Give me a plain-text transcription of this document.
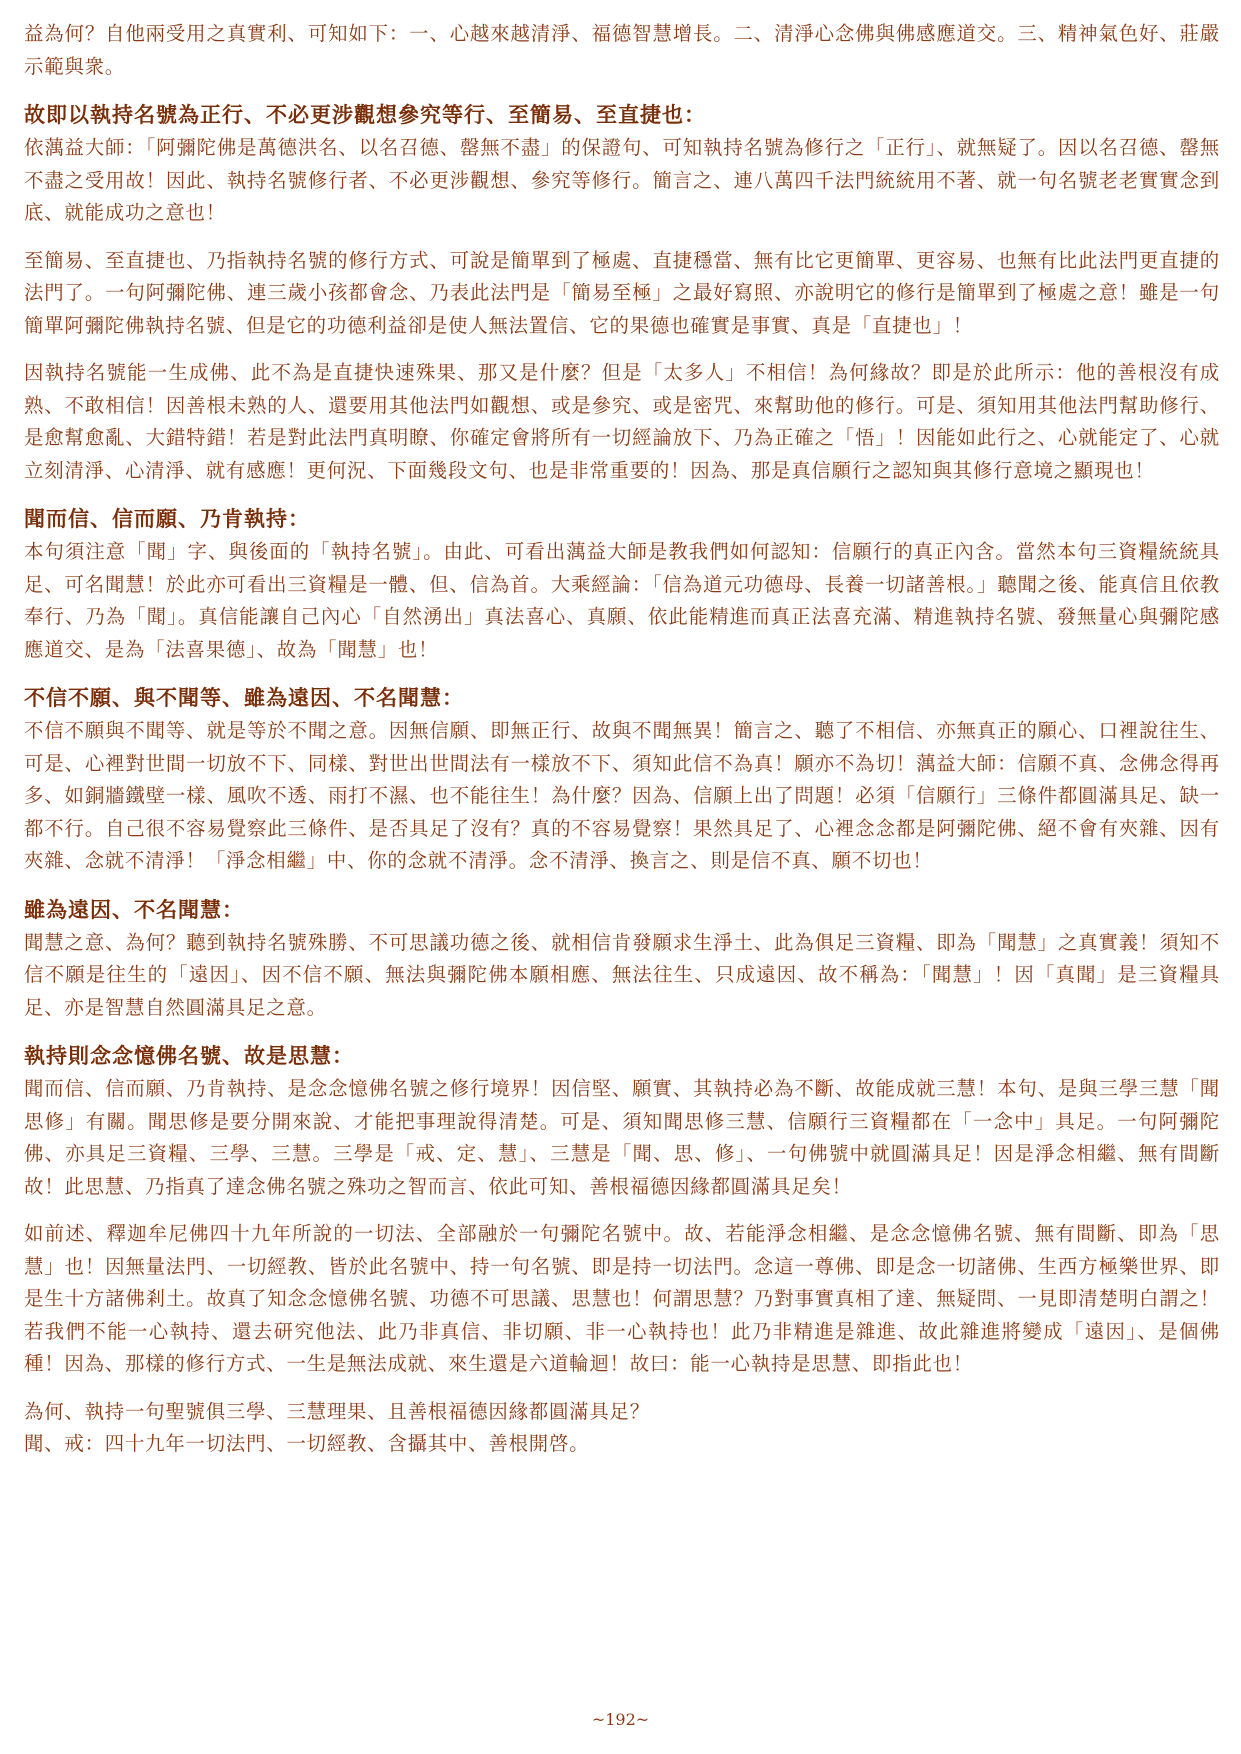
益為何？自他兩受用之真實利、可知如下：一、心越來越清淨、福德智慧增長。二、清淨心念佛與佛感應道交。三、精神氣色好、莊嚴示範與衆。

故即以執持名號為正行、不必更涉觀想參究等行、至簡易、至直捷也：

依蕅益大師：「阿彌陀佛是萬德洪名、以名召德、罄無不盡」的保證句、可知執持名號為修行之「正行」、就無疑了。因以名召德、罄無不盡之受用故！因此、執持名號修行者、不必更涉觀想、參究等修行。簡言之、連八萬四千法門統統用不著、就一句名號老老實實念到底、就能成功之意也！

至簡易、至直捷也、乃指執持名號的修行方式、可說是簡單到了極處、直捷穩當、無有比它更簡單、更容易、也無有比此法門更直捷的法門了。一句阿彌陀佛、連三歲小孩都會念、乃表此法門是「簡易至極」之最好寫照、亦說明它的修行是簡單到了極處之意！雖是一句簡單阿彌陀佛執持名號、但是它的功德利益卻是使人無法置信、它的果德也確實是事實、真是「直捷也」！

因執持名號能一生成佛、此不為是直捷快速殊果、那又是什麼？但是「太多人」不相信！為何緣故？即是於此所示：他的善根沒有成熟、不敢相信！因善根未熟的人、還要用其他法門如觀想、或是參究、或是密咒、來幫助他的修行。可是、須知用其他法門幫助修行、是愈幫愈亂、大錯特錯！若是對此法門真明瞭、你確定會將所有一切經論放下、乃為正確之「悟」！因能如此行之、心就能定了、心就立刻清淨、心清淨、就有感應！更何況、下面幾段文句、也是非常重要的！因為、那是真信願行之認知與其修行意境之顯現也！

聞而信、信而願、乃肯執持：

本句須注意「聞」字、與後面的「執持名號」。由此、可看出蕅益大師是教我們如何認知：信願行的真正內含。當然本句三資糧統統具足、可名聞慧！於此亦可看出三資糧是一體、但、信為首。大乘經論：「信為道元功德母、長養一切諸善根。」聽聞之後、能真信且依教奉行、乃為「聞」。真信能讓自己內心「自然湧出」真法喜心、真願、依此能精進而真正法喜充滿、精進執持名號、發無量心與彌陀感應道交、是為「法喜果德」、故為「聞慧」也！

不信不願、與不聞等、雖為遠因、不名聞慧：

不信不願與不聞等、就是等於不聞之意。因無信願、即無正行、故與不聞無異！簡言之、聽了不相信、亦無真正的願心、口裡說往生、可是、心裡對世間一切放不下、同樣、對世出世間法有一樣放不下、須知此信不為真！願亦不為切！蕅益大師：信願不真、念佛念得再多、如銅牆鐵壁一樣、風吹不透、雨打不濕、也不能往生！為什麼？因為、信願上出了問題！必須「信願行」三條件都圓滿具足、缺一都不行。自己很不容易覺察此三條件、是否具足了沒有？真的不容易覺察！果然具足了、心裡念念都是阿彌陀佛、絕不會有夾雜、因有夾雜、念就不清淨！「淨念相繼」中、你的念就不清淨。念不清淨、換言之、則是信不真、願不切也！

雖為遠因、不名聞慧：

聞慧之意、為何？聽到執持名號殊勝、不可思議功德之後、就相信肯發願求生淨土、此為俱足三資糧、即為「聞慧」之真實義！須知不信不願是往生的「遠因」、因不信不願、無法與彌陀佛本願相應、無法往生、只成遠因、故不稱為：「聞慧」！因「真聞」是三資糧具足、亦是智慧自然圓滿具足之意。

執持則念念憶佛名號、故是思慧：

聞而信、信而願、乃肯執持、是念念憶佛名號之修行境界！因信堅、願實、其執持必為不斷、故能成就三慧！本句、是與三學三慧「聞思修」有關。聞思修是要分開來說、才能把事理說得清楚。可是、須知聞思修三慧、信願行三資糧都在「一念中」具足。一句阿彌陀佛、亦具足三資糧、三學、三慧。三學是「戒、定、慧」、三慧是「聞、思、修」、一句佛號中就圓滿具足！因是淨念相繼、無有間斷故！此思慧、乃指真了達念佛名號之殊功之智而言、依此可知、善根福德因緣都圓滿具足矣！

如前述、釋迦牟尼佛四十九年所說的一切法、全部融於一句彌陀名號中。故、若能淨念相繼、是念念憶佛名號、無有間斷、即為「思慧」也！因無量法門、一切經教、皆於此名號中、持一句名號、即是持一切法門。念這一尊佛、即是念一切諸佛、生西方極樂世界、即是生十方諸佛剎土。故真了知念念憶佛名號、功德不可思議、思慧也！何謂思慧？乃對事實真相了達、無疑問、一見即清楚明白謂之！若我們不能一心執持、還去研究他法、此乃非真信、非切願、非一心執持也！此乃非精進是雜進、故此雜進將變成「遠因」、是個佛種！因為、那樣的修行方式、一生是無法成就、來生還是六道輪迴！故曰：能一心執持是思慧、即指此也！

為何、執持一句聖號俱三學、三慧理果、且善根福德因緣都圓滿具足？
聞、戒：四十九年一切法門、一切經教、含攝其中、善根開啓。

~192~
